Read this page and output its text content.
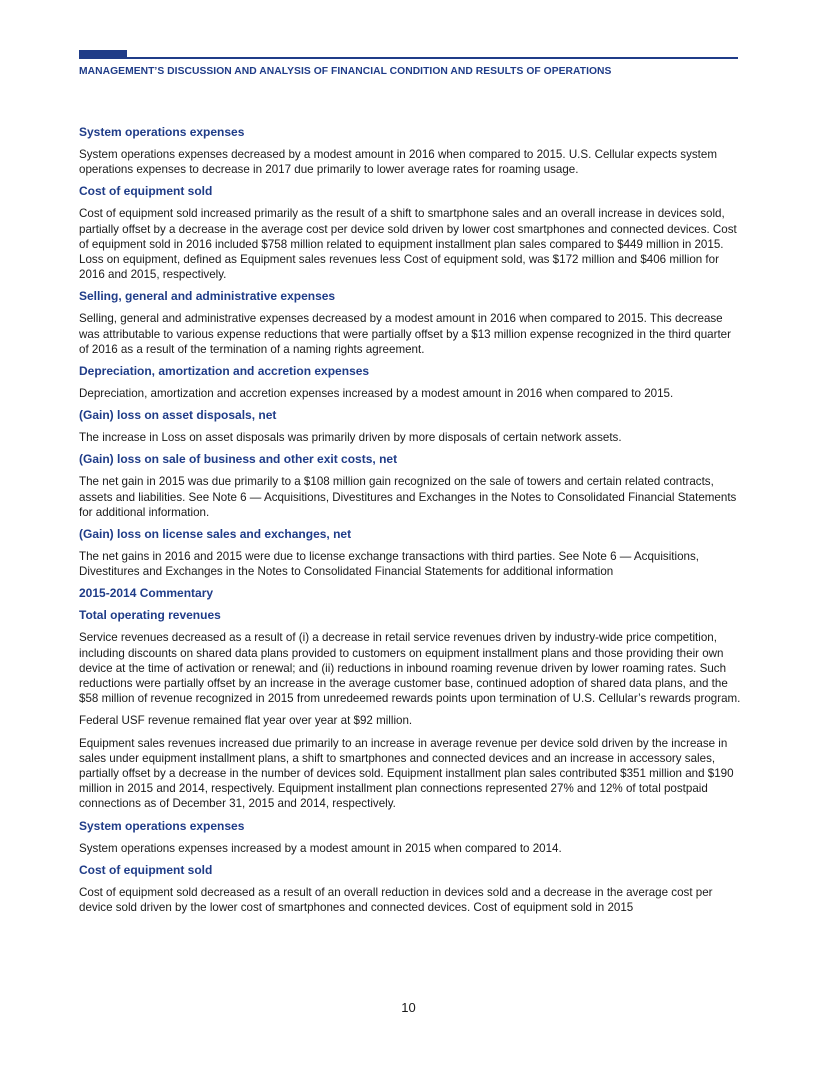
MANAGEMENT’S DISCUSSION AND ANALYSIS OF FINANCIAL CONDITION AND RESULTS OF OPERATIONS
System operations expenses

System operations expenses decreased by a modest amount in 2016 when compared to 2015. U.S. Cellular expects system operations expenses to decrease in 2017 due primarily to lower average rates for roaming usage.

Cost of equipment sold

Cost of equipment sold increased primarily as the result of a shift to smartphone sales and an overall increase in devices sold, partially offset by a decrease in the average cost per device sold driven by lower cost smartphones and connected devices. Cost of equipment sold in 2016 included $758 million related to equipment installment plan sales compared to $449 million in 2015. Loss on equipment, defined as Equipment sales revenues less Cost of equipment sold, was $172 million and $406 million for 2016 and 2015, respectively.

Selling, general and administrative expenses

Selling, general and administrative expenses decreased by a modest amount in 2016 when compared to 2015. This decrease was attributable to various expense reductions that were partially offset by a $13 million expense recognized in the third quarter of 2016 as a result of the termination of a naming rights agreement.

Depreciation, amortization and accretion expenses

Depreciation, amortization and accretion expenses increased by a modest amount in 2016 when compared to 2015.

(Gain) loss on asset disposals, net

The increase in Loss on asset disposals was primarily driven by more disposals of certain network assets.

(Gain) loss on sale of business and other exit costs, net

The net gain in 2015 was due primarily to a $108 million gain recognized on the sale of towers and certain related contracts, assets and liabilities. See Note 6 — Acquisitions, Divestitures and Exchanges in the Notes to Consolidated Financial Statements for additional information.

(Gain) loss on license sales and exchanges, net

The net gains in 2016 and 2015 were due to license exchange transactions with third parties. See Note 6 — Acquisitions, Divestitures and Exchanges in the Notes to Consolidated Financial Statements for additional information

2015-2014 Commentary
Total operating revenues

Service revenues decreased as a result of (i) a decrease in retail service revenues driven by industry-wide price competition, including discounts on shared data plans provided to customers on equipment installment plans and those providing their own device at the time of activation or renewal; and (ii) reductions in inbound roaming revenue driven by lower roaming rates. Such reductions were partially offset by an increase in the average customer base, continued adoption of shared data plans, and the $58 million of revenue recognized in 2015 from unredeemed rewards points upon termination of U.S. Cellular’s rewards program.

Federal USF revenue remained flat year over year at $92 million.

Equipment sales revenues increased due primarily to an increase in average revenue per device sold driven by the increase in sales under equipment installment plans, a shift to smartphones and connected devices and an increase in accessory sales, partially offset by a decrease in the number of devices sold. Equipment installment plan sales contributed $351 million and $190 million in 2015 and 2014, respectively. Equipment installment plan connections represented 27% and 12% of total postpaid connections as of December 31, 2015 and 2014, respectively.

System operations expenses

System operations expenses increased by a modest amount in 2015 when compared to 2014.

Cost of equipment sold

Cost of equipment sold decreased as a result of an overall reduction in devices sold and a decrease in the average cost per device sold driven by the lower cost of smartphones and connected devices. Cost of equipment sold in 2015

10
